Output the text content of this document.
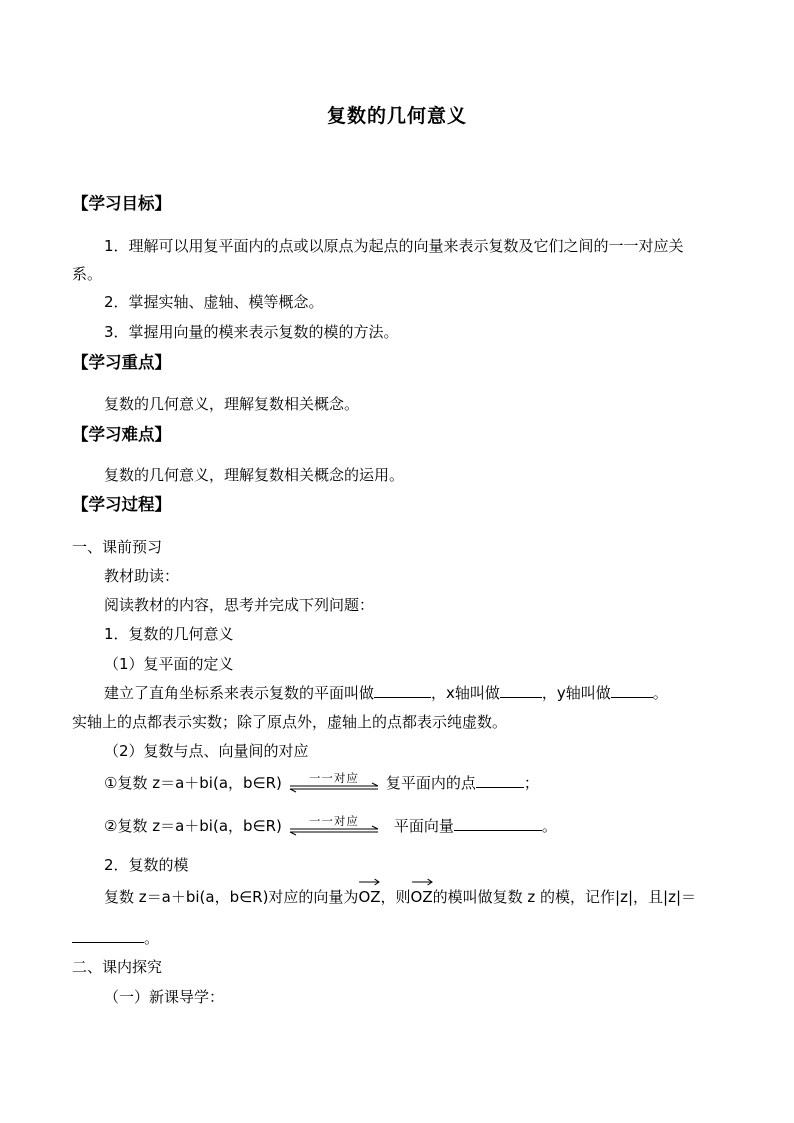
复数的几何意义
【学习目标】
1．理解可以用复平面内的点或以原点为起点的向量来表示复数及它们之间的一一对应关
系。
2．掌握实轴、虚轴、模等概念。
3．掌握用向量的模来表示复数的模的方法。
【学习重点】
复数的几何意义，理解复数相关概念。
【学习难点】
复数的几何意义，理解复数相关概念的运用。
【学习过程】
一、课前预习
教材助读：
阅读教材的内容，思考并完成下列问题：
1．复数的几何意义
（1）复平面的定义
建立了直角坐标系来表示复数的平面叫做	，x轴叫做	，y轴叫做	。
实轴上的点都表示实数；除了原点外，虚轴上的点都表示纯虚数。
（2）复数与点、向量间的对应
①复数 z＝a＋bi(a，b∈R)	一一对应	复平面内的点	；
②复数 z＝a＋bi(a，b∈R)	一一对应	平面向量	。
2．复数的模
复数 z＝a＋bi(a，b∈R)对应的向量为
OZ，则
OZ的模叫做复数 z 的模，记作|z|，且|z|＝
。
二、课内探究
（一）新课导学：
